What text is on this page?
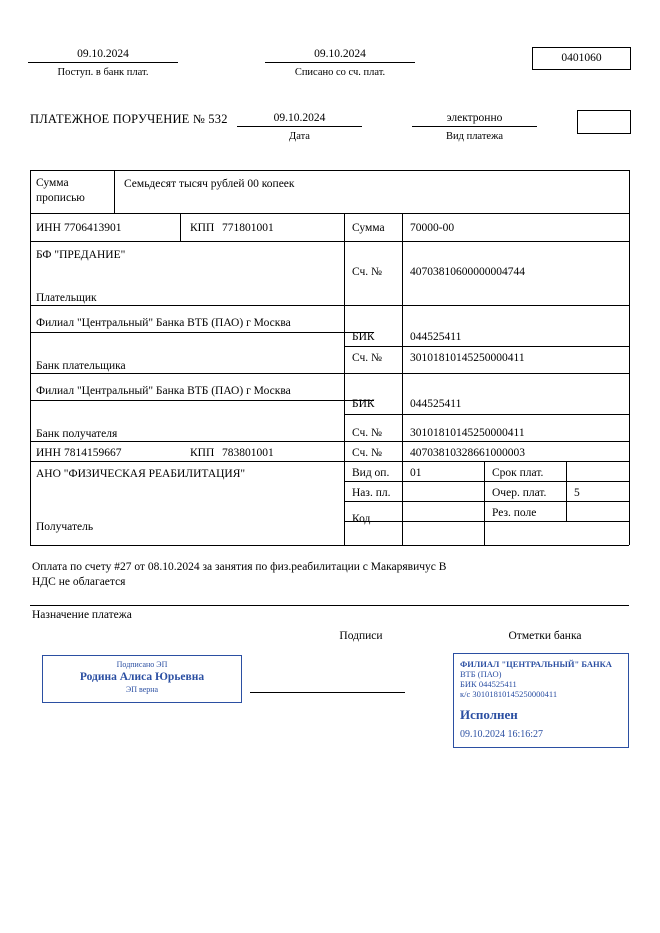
09.10.2024
Поступ. в банк плат.
09.10.2024
Списано со сч. плат.
0401060
ПЛАТЕЖНОЕ ПОРУЧЕНИЕ № 532	09.10.2024
Дата
электронно
Вид платежа
Сумма
прописью
Семьдесят тысяч рублей 00 копеек
ИНН 7706413901	КПП 771801001	Сумма 70000-00
БФ "ПРЕДАНИЕ"
Сч. № 40703810600000004744
Плательщик
Филиал "Центральный" Банка ВТБ (ПАО) г Москва
БИК	044525411
Сч. № 30101810145250000411
Банк плательщика
Филиал "Центральный" Банка ВТБ (ПАО) г Москва
БИК	044525411
Сч. № 30101810145250000411
Банк получателя
ИНН 7814159667	КПП 783801001	Сч. № 40703810328661000003
АНО "ФИЗИЧЕСКАЯ РЕАБИЛИТАЦИЯ"
Получатель
Вид оп. 01	Срок плат.
Наз. пл.	Очер. плат. 5
Код	Рез. поле
Оплата по счету #27 от 08.10.2024 за занятия по физ.реабилитации с Макарявичус В
НДС не облагается
Назначение платежа
Подписи	Отметки банка
Подписано ЭП
Родина Алиса Юрьевна
ЭП верна
ФИЛИАЛ "ЦЕНТРАЛЬНЫЙ" БАНКА
ВТБ (ПАО)
БИК 044525411
к/с 30101810145250000411
Исполнен
09.10.2024 16:16:27
